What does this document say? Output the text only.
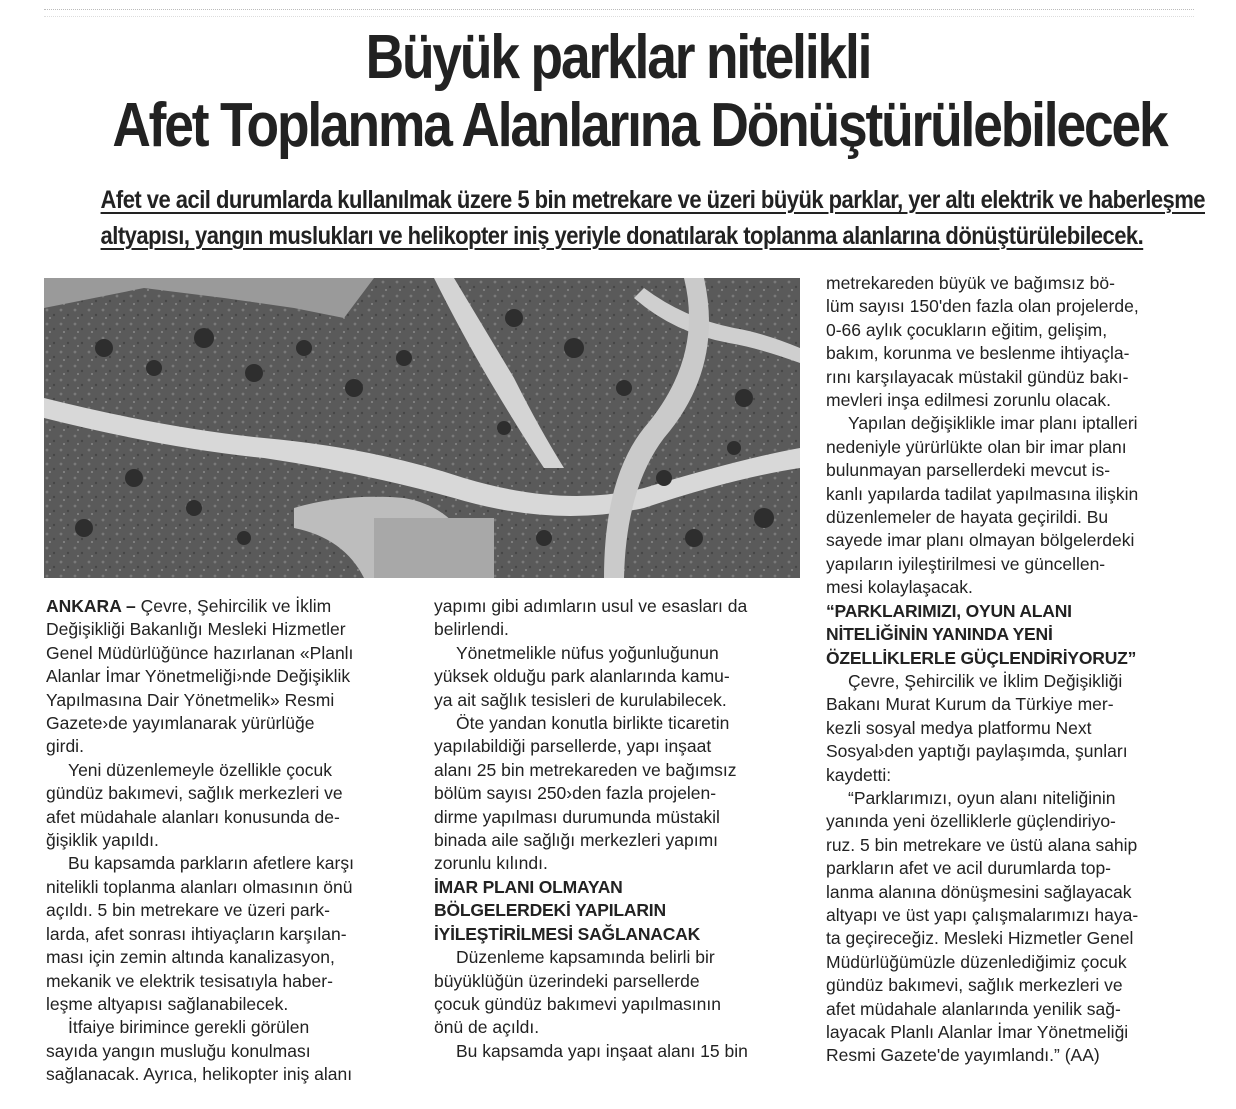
Büyük parklar nitelikli
Afet Toplanma Alanlarına Dönüştürülebilecek
Afet ve acil durumlarda kullanılmak üzere 5 bin metrekare ve üzeri büyük parklar, yer altı elektrik ve haberleşme
altyapısı, yangın muslukları ve helikopter iniş yeriyle donatılarak toplanma alanlarına dönüştürülebilecek.

ANKARA – Çevre, Şehircilik ve İklim
Değişikliği Bakanlığı Mesleki Hizmetler
Genel Müdürlüğünce hazırlanan «Planlı
Alanlar İmar Yönetmeliği›nde Değişiklik
Yapılmasına Dair Yönetmelik» Resmi
Gazete›de yayımlanarak yürürlüğe
girdi.

Yeni düzenlemeyle özellikle çocuk
gündüz bakımevi, sağlık merkezleri ve
afet müdahale alanları konusunda de-
ğişiklik yapıldı.

Bu kapsamda parkların afetlere karşı
nitelikli toplanma alanları olmasının önü
açıldı. 5 bin metrekare ve üzeri park-
larda, afet sonrası ihtiyaçların karşılan-
ması için zemin altında kanalizasyon,
mekanik ve elektrik tesisatıyla haber-
leşme altyapısı sağlanabilecek.

İtfaiye birimince gerekli görülen
sayıda yangın musluğu konulması
sağlanacak. Ayrıca, helikopter iniş alanı

yapımı gibi adımların usul ve esasları da
belirlendi.

Yönetmelikle nüfus yoğunluğunun
yüksek olduğu park alanlarında kamu-
ya ait sağlık tesisleri de kurulabilecek.

Öte yandan konutla birlikte ticaretin
yapılabildiği parsellerde, yapı inşaat
alanı 25 bin metrekareden ve bağımsız
bölüm sayısı 250›den fazla projelen-
dirme yapılması durumunda müstakil
binada aile sağlığı merkezleri yapımı
zorunlu kılındı.

İMAR PLANI OLMAYAN
BÖLGELERDEKİ YAPILARIN
İYİLEŞTİRİLMESİ SAĞLANACAK

Düzenleme kapsamında belirli bir
büyüklüğün üzerindeki parsellerde
çocuk gündüz bakımevi yapılmasının
önü de açıldı.

Bu kapsamda yapı inşaat alanı 15 bin

metrekareden büyük ve bağımsız bö-
lüm sayısı 150'den fazla olan projelerde,
0-66 aylık çocukların eğitim, gelişim,
bakım, korunma ve beslenme ihtiyaçla-
rını karşılayacak müstakil gündüz bakı-
mevleri inşa edilmesi zorunlu olacak.

Yapılan değişiklikle imar planı iptalleri
nedeniyle yürürlükte olan bir imar planı
bulunmayan parsellerdeki mevcut is-
kanlı yapılarda tadilat yapılmasına ilişkin
düzenlemeler de hayata geçirildi. Bu
sayede imar planı olmayan bölgelerdeki
yapıların iyileştirilmesi ve güncellen-
mesi kolaylaşacak.

“PARKLARIMIZI, OYUN ALANI
NİTELİĞİNİN YANINDA YENİ
ÖZELLİKLERLE GÜÇLENDİRİYORUZ”

Çevre, Şehircilik ve İklim Değişikliği
Bakanı Murat Kurum da Türkiye mer-
kezli sosyal medya platformu Next
Sosyal›den yaptığı paylaşımda, şunları
kaydetti:

“Parklarımızı, oyun alanı niteliğinin
yanında yeni özelliklerle güçlendiriyo-
ruz. 5 bin metrekare ve üstü alana sahip
parkların afet ve acil durumlarda top-
lanma alanına dönüşmesini sağlayacak
altyapı ve üst yapı çalışmalarımızı haya-
ta geçireceğiz. Mesleki Hizmetler Genel
Müdürlüğümüzle düzenlediğimiz çocuk
gündüz bakımevi, sağlık merkezleri ve
afet müdahale alanlarında yenilik sağ-
layacak Planlı Alanlar İmar Yönetmeliği
Resmi Gazete'de yayımlandı.” (AA)
